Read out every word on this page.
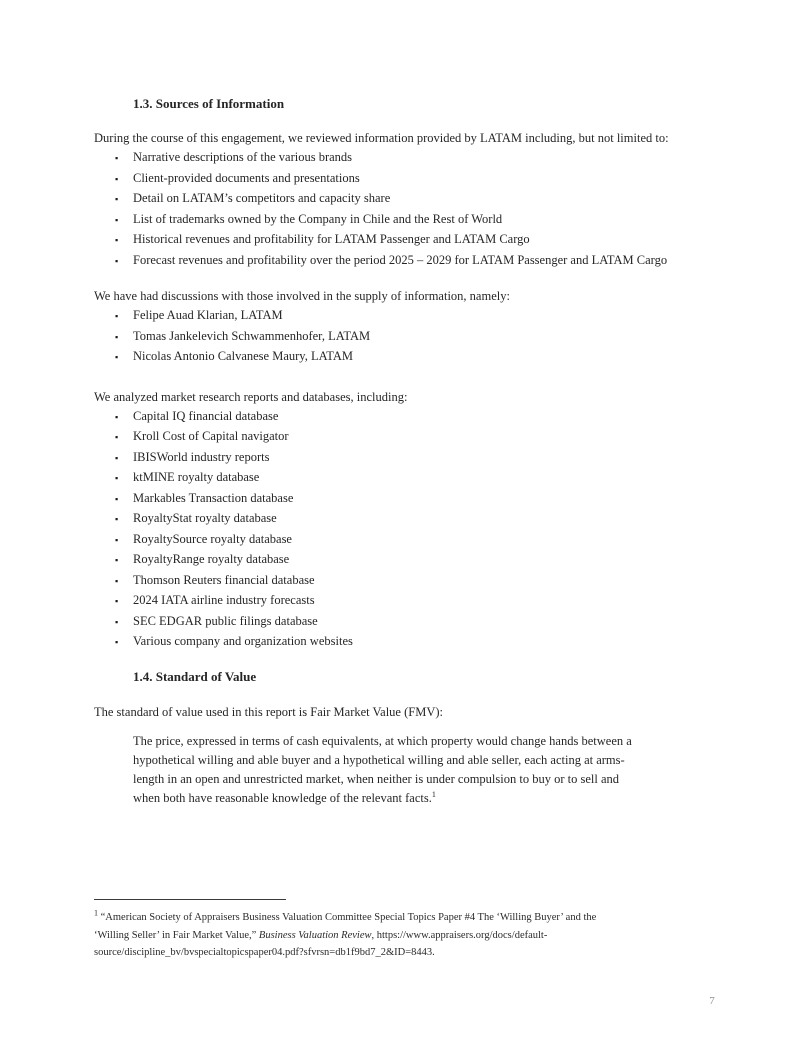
1.3. Sources of Information

During the course of this engagement, we reviewed information provided by LATAM including, but not limited to:

▪	Narrative descriptions of the various brands
▪	Client-provided documents and presentations
▪	Detail on LATAM’s competitors and capacity share
▪	List of trademarks owned by the Company in Chile and the Rest of World
▪	Historical revenues and profitability for LATAM Passenger and LATAM Cargo
▪	Forecast revenues and profitability over the period 2025 – 2029 for LATAM Passenger and LATAM Cargo

We have had discussions with those involved in the supply of information, namely:

▪	Felipe Auad Klarian, LATAM
▪	Tomas Jankelevich Schwammenhofer, LATAM
▪	Nicolas Antonio Calvanese Maury, LATAM

We analyzed market research reports and databases, including:

▪	Capital IQ financial database
▪	Kroll Cost of Capital navigator
▪	IBISWorld industry reports
▪	ktMINE royalty database
▪	Markables Transaction database
▪	RoyaltyStat royalty database
▪	RoyaltySource royalty database
▪	RoyaltyRange royalty database
▪	Thomson Reuters financial database
▪	2024 IATA airline industry forecasts
▪	SEC EDGAR public filings database
▪	Various company and organization websites

1.4. Standard of Value

The standard of value used in this report is Fair Market Value (FMV):

The price, expressed in terms of cash equivalents, at which property would change hands between a
hypothetical willing and able buyer and a hypothetical willing and able seller, each acting at arms-
length in an open and unrestricted market, when neither is under compulsion to buy or to sell and
when both have reasonable knowledge of the relevant facts.$^1$
$^1$ “American Society of Appraisers Business Valuation Committee Special Topics Paper #4 The ‘Willing Buyer’ and the
‘Willing Seller’ in Fair Market Value,” Business Valuation Review, https://www.appraisers.org/docs/default-
source/discipline_bv/bvspecialtopicspaper04.pdf?sfvrsn=db1f9bd7_2&ID=8443.
7
